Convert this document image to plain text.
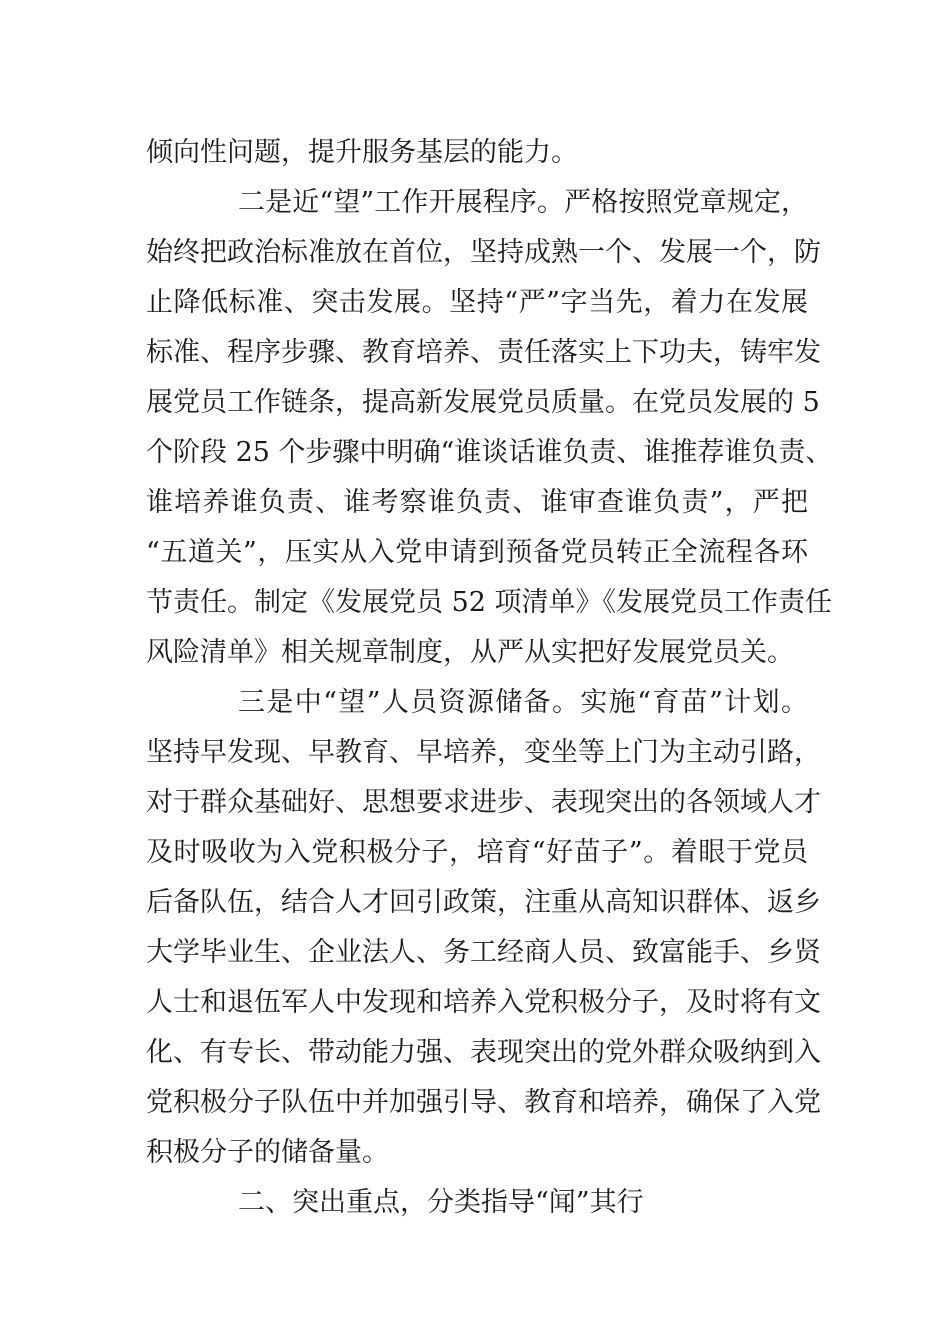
倾向性问题，提升服务基层的能力。
二是近“望”工作开展程序。严格按照党章规定，
始终把政治标准放在首位，坚持成熟一个、发展一个，防
止降低标准、突击发展。坚持“严”字当先，着力在发展
标准、程序步骤、教育培养、责任落实上下功夫，铸牢发
展党员工作链条，提高新发展党员质量。在党员发展的 5
个阶段 25 个步骤中明确“谁谈话谁负责、谁推荐谁负责、
谁培养谁负责、谁考察谁负责、谁审查谁负责”，严把
“五道关”，压实从入党申请到预备党员转正全流程各环
节责任。制定《发展党员 52 项清单》《发展党员工作责任
风险清单》相关规章制度，从严从实把好发展党员关。
三是中“望”人员资源储备。实施“育苗”计划。
坚持早发现、早教育、早培养，变坐等上门为主动引路，
对于群众基础好、思想要求进步、表现突出的各领域人才
及时吸收为入党积极分子，培育“好苗子”。着眼于党员
后备队伍，结合人才回引政策，注重从高知识群体、返乡
大学毕业生、企业法人、务工经商人员、致富能手、乡贤
人士和退伍军人中发现和培养入党积极分子，及时将有文
化、有专长、带动能力强、表现突出的党外群众吸纳到入
党积极分子队伍中并加强引导、教育和培养，确保了入党
积极分子的储备量。
二、突出重点，分类指导“闻”其行
